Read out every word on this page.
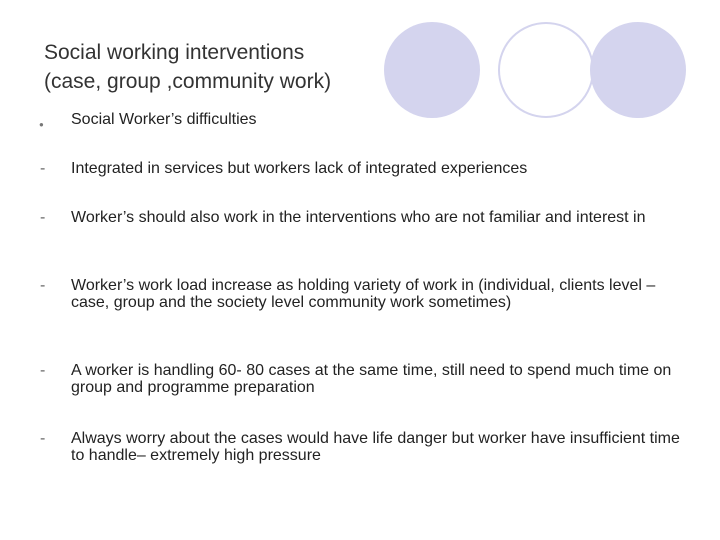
Social working interventions
(case, group ,community work)
●	Social Worker’s difficulties
-	Integrated in services but workers lack of integrated experiences
-	Worker’s should also work in the interventions who are not familiar and interest in
-	Worker’s work load increase as holding variety of work in (individual, clients level – case, group and the society level community work sometimes)
-	A worker is handling 60- 80 cases at the same time, still need to spend much time on group and programme preparation
-	Always worry about the cases would have life danger but worker have insufficient time to handle– extremely high pressure
